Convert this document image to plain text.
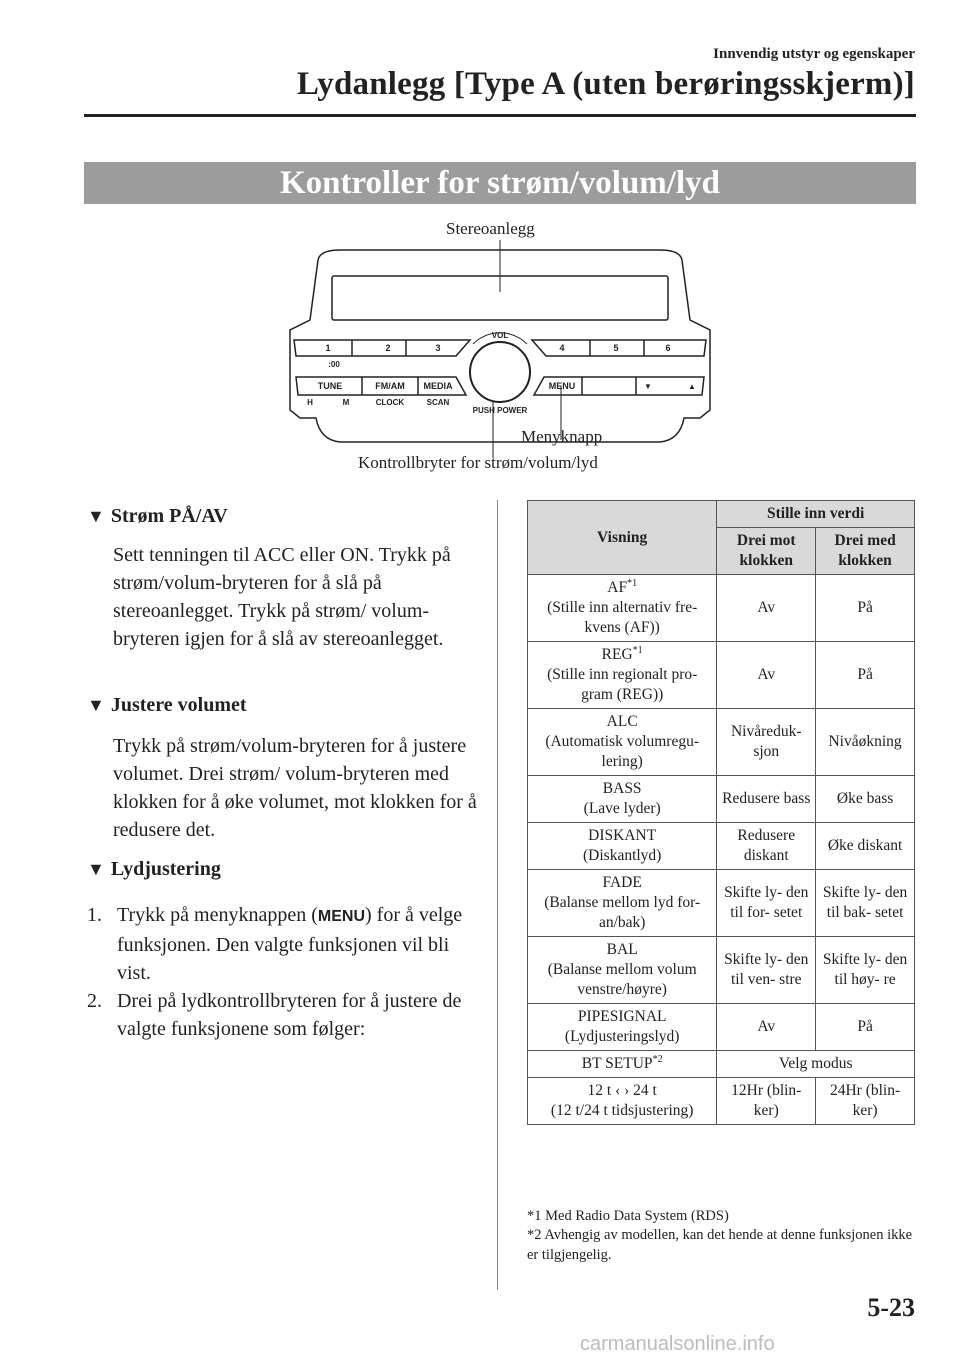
Innvendig utstyr og egenskaper
Lydanlegg [Type A (uten berøringsskjerm)]
Kontroller for strøm/volum/lyd
Stereoanlegg
Menyknapp
Kontrollbryter for strøm/volum/lyd
1	2	3	4	5	6
:00
TUNE	FM/AM MEDIA	MENU	▼	▲
H	M	CLOCK	SCAN
VOL
PUSH POWER
▼ Strøm PÅ/AV
Sett tenningen til ACC eller ON. Trykk på strøm/volum-bryteren for å slå på stereoanlegget. Trykk på strøm/ volum-bryteren igjen for å slå av stereoanlegget.
▼ Justere volumet
Trykk på strøm/volum-bryteren for å justere volumet. Drei strøm/ volum-bryteren med klokken for å øke volumet, mot klokken for å redusere det.
▼ Lydjustering
1. Trykk på menyknappen (MENU) for å velge funksjonen. Den valgte funksjonen vil bli vist.
2. Drei på lydkontrollbryteren for å justere de valgte funksjonene som følger:
Visning	Stille inn verdi	
	Drei mot klokken	Drei med klokken
AF$^{*1}$
(Stille inn alternativ fre- kvens (AF))	Av	På
REG$^{*1}$
(Stille inn regionalt pro- gram (REG))	Av	På
ALC
(Automatisk volumregu- lering)	Nivåreduk- sjon	Nivåøkning
BASS
(Lave lyder)	Redusere bass	Øke bass
DISKANT
(Diskantlyd)	Redusere diskant	Øke diskant
FADE
(Balanse mellom lyd for- an/bak)	Skifte ly- den til for- setet	Skifte ly- den til bak- setet
BAL
(Balanse mellom volum venstre/høyre)	Skifte ly- den til ven- stre	Skifte ly- den til høy- re
PIPESIGNAL
(Lydjusteringslyd)	Av	På
BT SETUP$^{*2}$	Velg modus	
12 t ‹ › 24 t
(12 t/24 t tidsjustering)	12Hr (blin- ker)	24Hr (blin- ker)
*1 Med Radio Data System (RDS)
*2 Avhengig av modellen, kan det hende at denne funksjonen ikke er tilgjengelig.
5-23
carmanualsonline.info
